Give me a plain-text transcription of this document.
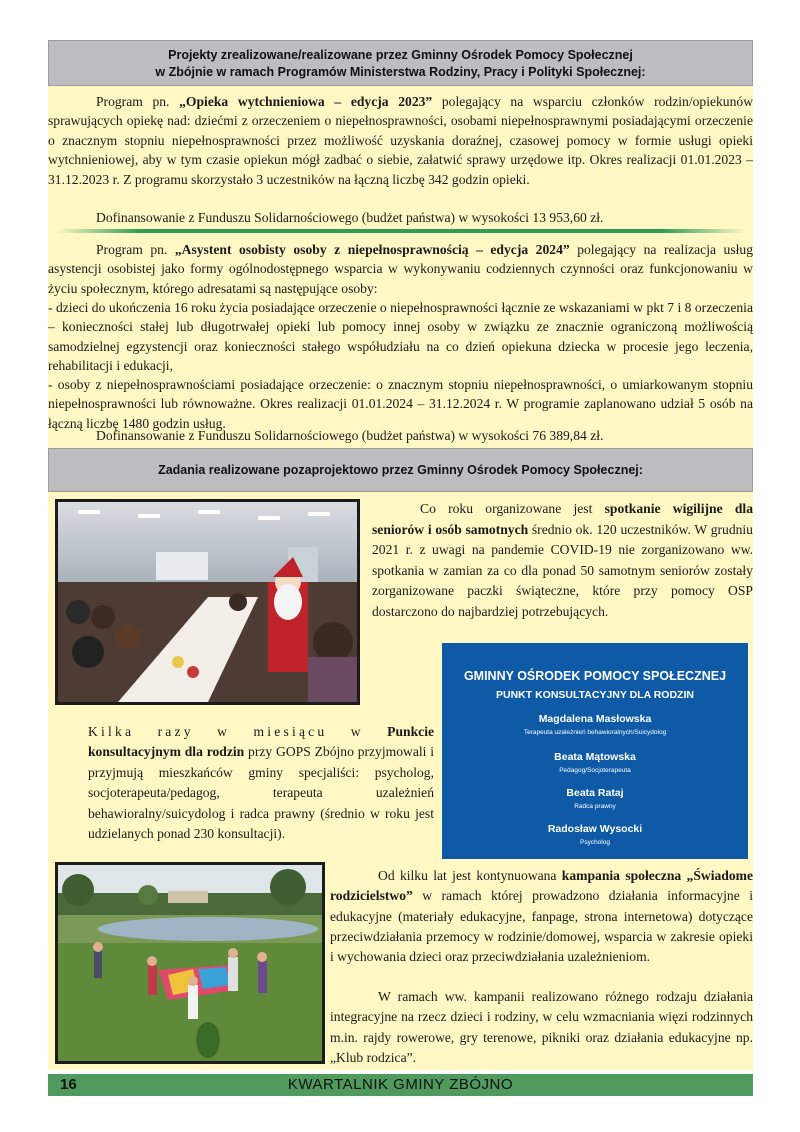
Projekty zrealizowane/realizowane przez Gminny Ośrodek Pomocy Społecznej
w Zbójnie w ramach Programów Ministerstwa Rodziny, Pracy i Polityki Społecznej:
Program pn. „Opieka wytchnieniowa – edycja 2023” polegający na wsparciu członków rodzin/opiekunów sprawujących opiekę nad: dziećmi z orzeczeniem o niepełnosprawności, osobami niepełnosprawnymi posiadającymi orzeczenie o znacznym stopniu niepełnosprawności przez możliwość uzyskania doraźnej, czasowej pomocy w formie usługi opieki wytchnieniowej, aby w tym czasie opiekun mógł zadbać o siebie, załatwić sprawy urzędowe itp. Okres realizacji 01.01.2023 – 31.12.2023 r. Z programu skorzystało 3 uczestników na łączną liczbę 342 godzin opieki.
Dofinansowanie z Funduszu Solidarnościowego (budżet państwa) w wysokości 13 953,60 zł.
Program pn. „Asystent osobisty osoby z niepełnosprawnością – edycja 2024” polegający na realizacja usług asystencji osobistej jako formy ogólnodostępnego wsparcia w wykonywaniu codziennych czynności oraz funkcjonowaniu w życiu społecznym, którego adresatami są następujące osoby:
- dzieci do ukończenia 16 roku życia posiadające orzeczenie o niepełnosprawności łącznie ze wskazaniami w pkt 7 i 8 orzeczenia – konieczności stałej lub długotrwałej opieki lub pomocy innej osoby w związku ze znacznie ograniczoną możliwością samodzielnej egzystencji oraz konieczności stałego współudziału na co dzień opiekuna dziecka w procesie jego leczenia, rehabilitacji i edukacji,
- osoby z niepełnosprawnościami posiadające orzeczenie: o znacznym stopniu niepełnosprawności, o umiarkowanym stopniu niepełnosprawności lub równoważne. Okres realizacji 01.01.2024 – 31.12.2024 r. W programie zaplanowano udział 5 osób na łączną liczbę 1480 godzin usług.
Dofinansowanie z Funduszu Solidarnościowego (budżet państwa) w wysokości 76 389,84 zł.
Zadania realizowane pozaprojektowo przez Gminny Ośrodek Pomocy Społecznej:
Co roku organizowane jest spotkanie wigilijne dla seniorów i osób samotnych średnio ok. 120 uczestników. W grudniu 2021 r. z uwagi na pandemie COVID-19 nie zorganizowano ww. spotkania w zamian za co dla ponad 50 samotnym seniorów zostały zorganizowane paczki świąteczne, które przy pomocy OSP dostarczono do najbardziej potrzebujących.
GMINNY OŚRODEK POMOCY SPOŁECZNEJ
PUNKT KONSULTACYJNY DLA RODZIN
Magdalena Masłowska
Terapeuta uzależnień behawioralnych/Suicydolog
Beata Mątowska
Pedagog/Socjoterapeuta
Beata Rataj
Radca prawny
Radosław Wysocki
Psycholog
Kilka razy w miesiącu w Punkcie konsultacyjnym dla rodzin przy GOPS Zbójno przyjmowali i przyjmują mieszkańców gminy specjaliści: psycholog, socjoterapeuta/pedagog, terapeuta uzależnień behawioralny/suicydolog i radca prawny (średnio w roku jest udzielanych ponad 230 konsultacji).
Od kilku lat jest kontynuowana kampania społeczna „Świadome rodzicielstwo” w ramach której prowadzono działania informacyjne i edukacyjne (materiały edukacyjne, fanpage, strona internetowa) dotyczące przeciwdziałania przemocy w rodzinie/domowej, wsparcia w zakresie opieki i wychowania dzieci oraz przeciwdziałania uzależnieniom.
W ramach ww. kampanii realizowano różnego rodzaju działania integracyjne na rzecz dzieci i rodziny, w celu wzmacniania więzi rodzinnych m.in. rajdy rowerowe, gry terenowe, pikniki oraz działania edukacyjne np. „Klub rodzica”.
16	KWARTALNIK GMINY ZBÓJNO
